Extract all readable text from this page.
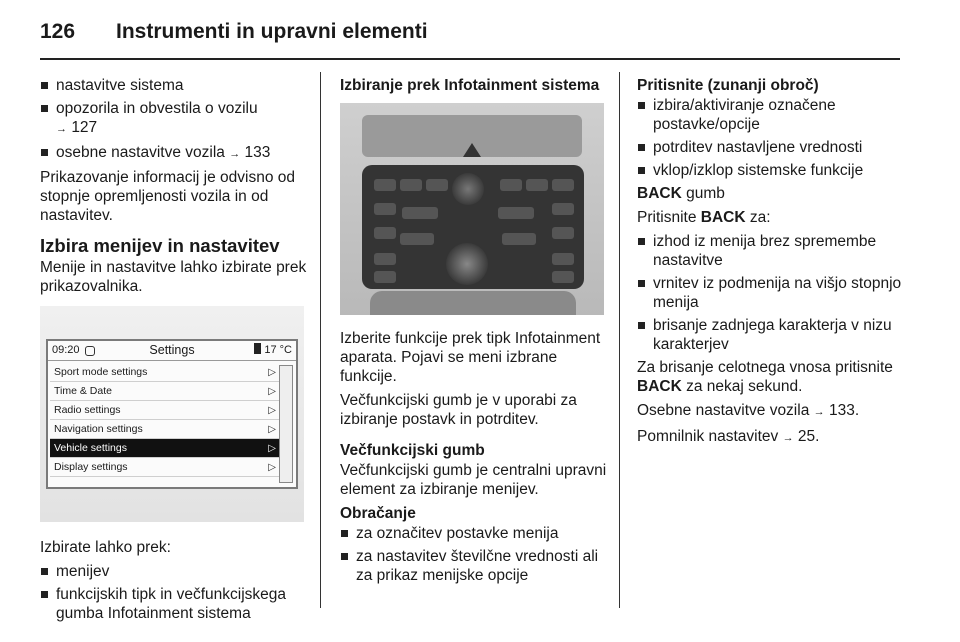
126	Instrumenti in upravni elementi
nastavitve sistema
opozorila in obvestila o vozilu
→ 127
osebne nastavitve vozila → 133

Prikazovanje informacij je odvisno od stopnje opremljenosti vozila in od nastavitev.

Izbira menijev in nastavitev

Menije in nastavitve lahko izbirate prek prikazovalnika.

09:20	Settings	17 °C
Sport mode settings	▷
Time & Date	▷
Radio settings	▷
Navigation settings	▷
Vehicle settings	▷
Display settings	▷

Izbirate lahko prek:

menijev
funkcijskih tipk in večfunkcijskega gumba Infotainment sistema
Izbiranje prek Infotainment sistema

Izberite funkcije prek tipk Infotainment aparata. Pojavi se meni izbrane funkcije.

Večfunkcijski gumb je v uporabi za izbiranje postavk in potrditev.

Večfunkcijski gumb

Večfunkcijski gumb je centralni upravni element za izbiranje menijev.

Obračanje
za označitev postavke menija
za nastavitev številčne vrednosti ali za prikaz menijske opcije
Pritisnite (zunanji obroč)
izbira/aktiviranje označene postavke/opcije
potrditev nastavljene vrednosti
vklop/izklop sistemske funkcije

BACK gumb

Pritisnite BACK za:

izhod iz menija brez spremembe nastavitve
vrnitev iz podmenija na višjo stopnjo menija
brisanje zadnjega karakterja v nizu karakterjev

Za brisanje celotnega vnosa pritisnite BACK za nekaj sekund.

Osebne nastavitve vozila → 133.

Pomnilnik nastavitev → 25.
